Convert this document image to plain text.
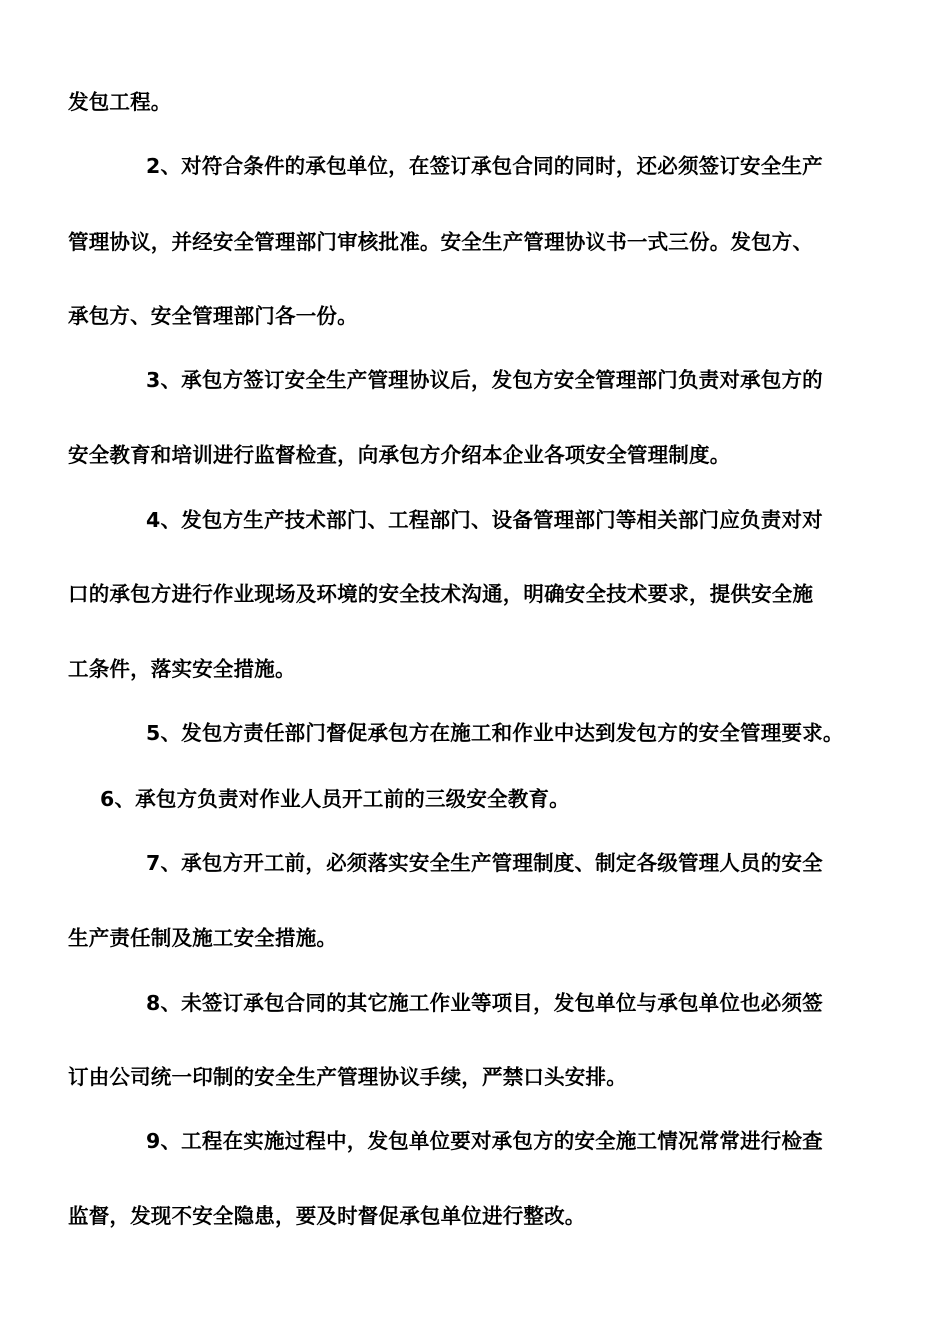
发包工程。
2、对符合条件的承包单位，在签订承包合同的同时，还必须签订安全生产
管理协议，并经安全管理部门审核批准。安全生产管理协议书一式三份。发包方、
承包方、安全管理部门各一份。
3、承包方签订安全生产管理协议后，发包方安全管理部门负责对承包方的
安全教育和培训进行监督检查，向承包方介绍本企业各项安全管理制度。
4、发包方生产技术部门、工程部门、设备管理部门等相关部门应负责对对
口的承包方进行作业现场及环境的安全技术沟通，明确安全技术要求，提供安全施
工条件，落实安全措施。
5、发包方责任部门督促承包方在施工和作业中达到发包方的安全管理要求。
6、承包方负责对作业人员开工前的三级安全教育。
7、承包方开工前，必须落实安全生产管理制度、制定各级管理人员的安全
生产责任制及施工安全措施。
8、未签订承包合同的其它施工作业等项目，发包单位与承包单位也必须签
订由公司统一印制的安全生产管理协议手续，严禁口头安排。
9、工程在实施过程中，发包单位要对承包方的安全施工情况常常进行检查
监督，发现不安全隐患，要及时督促承包单位进行整改。
